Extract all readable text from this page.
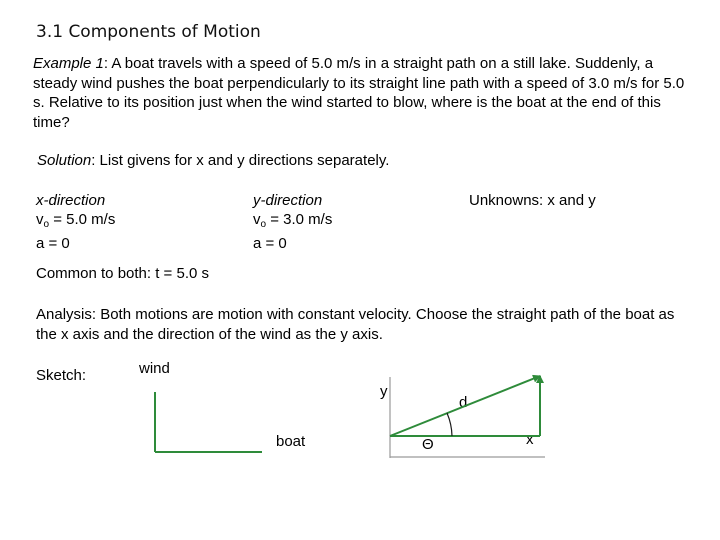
3.1 Components of Motion
Example 1: A boat travels with a speed of 5.0 m/s in a straight path on a still lake. Suddenly, a steady wind pushes the boat perpendicularly to its straight line path with a speed of 3.0 m/s for 5.0 s. Relative to its position just when the wind started to blow, where is the boat at the end of this time?
Solution: List givens for x and y directions separately.
x-direction
$v_o = 5.0$ m/s
a = 0
y-direction
$v_o = 3.0$ m/s
a = 0
Unknowns: x and y
Common to both: t = 5.0 s
Analysis: Both motions are motion with constant velocity. Choose the straight path of the boat as the x axis and the direction of the wind as the y axis.
Sketch:	wind
boat
y
d
Θ	x
